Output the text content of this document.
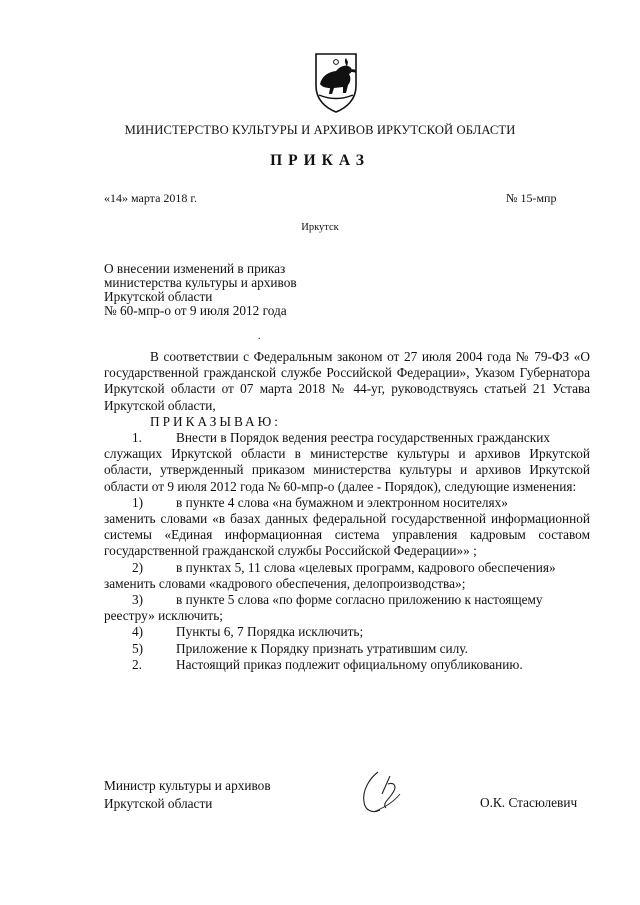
МИНИСТЕРСТВО КУЛЬТУРЫ И АРХИВОВ ИРКУТСКОЙ ОБЛАСТИ
ПРИКАЗ
«14» марта 2018 г.	№ 15-мпр
Иркутск
О внесении изменений в приказ
министерства культуры и архивов
Иркутской области
№ 60-мпр-о от 9 июля 2012 года
.
В соответствии с Федеральным законом от 27 июля 2004 года № 79-ФЗ «О государственной гражданской службе Российской Федерации», Указом Губернатора Иркутской области от 07 марта 2018 № 44-уг, руководствуясь статьей 21 Устава Иркутской области,
ПРИКАЗЫВАЮ:
1.	Внести в Порядок ведения реестра государственных гражданских
служащих Иркутской области в министерстве культуры и архивов Иркутской области, утвержденный приказом министерства культуры и архивов Иркутской области от 9 июля 2012 года № 60-мпр-о (далее - Порядок), следующие изменения:
1)	в пункте 4 слова «на бумажном и электронном носителях»
заменить словами «в базах данных федеральной государственной информационной системы «Единая информационная система управления кадровым составом государственной гражданской службы Российской Федерации»» ;
2)	в пунктах 5, 11 слова «целевых программ, кадрового обеспечения»
заменить словами «кадрового обеспечения, делопроизводства»;
3)	в пункте 5 слова «по форме согласно приложению к настоящему
реестру» исключить;
4)	Пункты 6, 7 Порядка исключить;
5)	Приложение к Порядку признать утратившим силу.
2.	Настоящий приказ подлежит официальному опубликованию.
Министр культуры и архивов
Иркутской области	О.К. Стасюлевич
